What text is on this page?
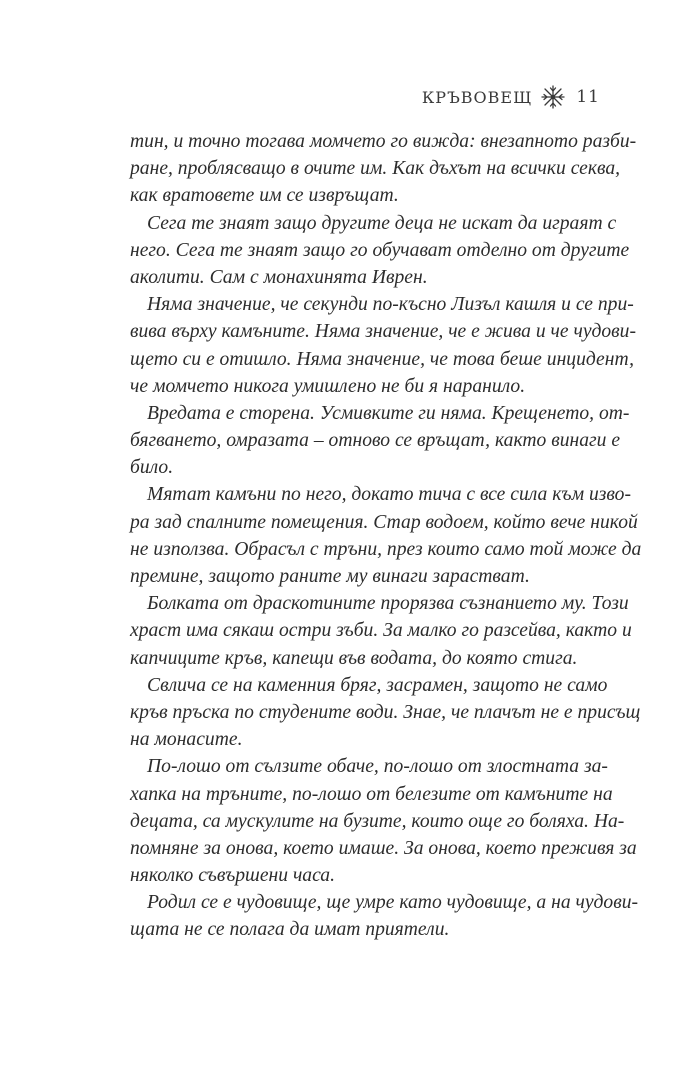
КРЪВОВЕЩ	11
тин, и точно тогава момчето го вижда: внезапното разби-
ране, проблясващо в очите им. Как дъхът на всички секва,
как вратовете им се извръщат.
Сега те знаят защо другите деца не искат да играят с
него. Сега те знаят защо го обучават отделно от другите
аколити. Сам с монахинята Иврен.
Няма значение, че секунди по-късно Лизъл кашля и се при-
вива върху камъните. Няма значение, че е жива и че чудови-
щето си е отишло. Няма значение, че това беше инцидент,
че момчето никога умишлено не би я наранило.
Вредата е сторена. Усмивките ги няма. Крещенето, от-
бягването, омразата – отново се връщат, както винаги е
било.
Мятат камъни по него, докато тича с все сила към изво-
ра зад спалните помещения. Стар водоем, който вече никой
не използва. Обрасъл с тръни, през които само той може да
премине, защото раните му винаги зарастват.
Болката от драскотините прорязва съзнанието му. Този
храст има сякаш остри зъби. За малко го разсейва, както и
капчиците кръв, капещи във водата, до която стига.
Свлича се на каменния бряг, засрамен, защото не само
кръв пръска по студените води. Знае, че плачът не е присъщ
на монасите.
По-лошо от сълзите обаче, по-лошо от злостната за-
хапка на тръните, по-лошо от белезите от камъните на
децата, са мускулите на бузите, които още го боляха. На-
помняне за онова, което имаше. За онова, което преживя за
няколко съвършени часа.
Родил се е чудовище, ще умре като чудовище, а на чудови-
щата не се полага да имат приятели.
